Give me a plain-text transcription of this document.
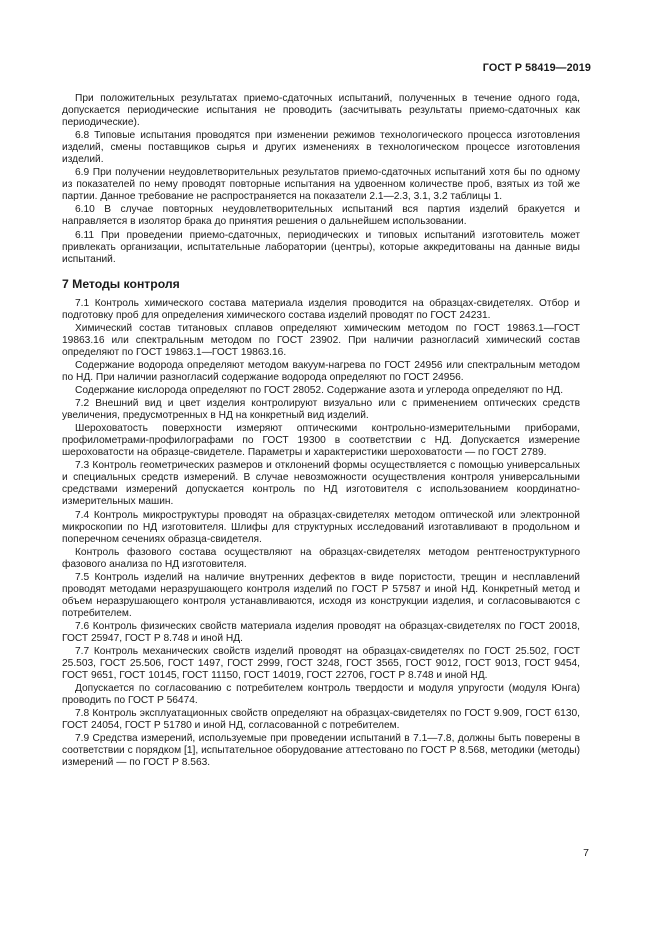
ГОСТ Р 58419—2019

При положительных результатах приемо-сдаточных испытаний, полученных в течение одного года, допускается периодические испытания не проводить (засчитывать результаты приемо-сдаточных как периодические).

6.8 Типовые испытания проводятся при изменении режимов технологического процесса изготовления изделий, смены поставщиков сырья и других изменениях в технологическом процессе изготовления изделий.

6.9 При получении неудовлетворительных результатов приемо-сдаточных испытаний хотя бы по одному из показателей по нему проводят повторные испытания на удвоенном количестве проб, взятых из той же партии. Данное требование не распространяется на показатели 2.1—2.3, 3.1, 3.2 таблицы 1.

6.10 В случае повторных неудовлетворительных испытаний вся партия изделий бракуется и направляется в изолятор брака до принятия решения о дальнейшем использовании.

6.11 При проведении приемо-сдаточных, периодических и типовых испытаний изготовитель может привлекать организации, испытательные лаборатории (центры), которые аккредитованы на данные виды испытаний.

7 Методы контроля

7.1 Контроль химического состава материала изделия проводится на образцах-свидетелях. Отбор и подготовку проб для определения химического состава изделий проводят по ГОСТ 24231.

Химический состав титановых сплавов определяют химическим методом по ГОСТ 19863.1—ГОСТ 19863.16 или спектральным методом по ГОСТ 23902. При наличии разногласий химический состав определяют по ГОСТ 19863.1—ГОСТ 19863.16.

Содержание водорода определяют методом вакуум-нагрева по ГОСТ 24956 или спектральным методом по НД. При наличии разногласий содержание водорода определяют по ГОСТ 24956.

Содержание кислорода определяют по ГОСТ 28052. Содержание азота и углерода определяют по НД.

7.2 Внешний вид и цвет изделия контролируют визуально или с применением оптических средств увеличения, предусмотренных в НД на конкретный вид изделий.

Шероховатость поверхности измеряют оптическими контрольно-измерительными приборами, профилометрами-профилографами по ГОСТ 19300 в соответствии с НД. Допускается измерение шероховатости на образце-свидетеле. Параметры и характеристики шероховатости — по ГОСТ 2789.

7.3 Контроль геометрических размеров и отклонений формы осуществляется с помощью универсальных и специальных средств измерений. В случае невозможности осуществления контроля универсальными средствами измерений допускается контроль по НД изготовителя с использованием координатно-измерительных машин.

7.4 Контроль микроструктуры проводят на образцах-свидетелях методом оптической или электронной микроскопии по НД изготовителя. Шлифы для структурных исследований изготавливают в продольном и поперечном сечениях образца-свидетеля.

Контроль фазового состава осуществляют на образцах-свидетелях методом рентгеноструктурного фазового анализа по НД изготовителя.

7.5 Контроль изделий на наличие внутренних дефектов в виде пористости, трещин и несплавлений проводят методами неразрушающего контроля изделий по ГОСТ Р 57587 и иной НД. Конкретный метод и объем неразрушающего контроля устанавливаются, исходя из конструкции изделия, и согласовываются с потребителем.

7.6 Контроль физических свойств материала изделия проводят на образцах-свидетелях по ГОСТ 20018, ГОСТ 25947, ГОСТ Р 8.748 и иной НД.

7.7 Контроль механических свойств изделий проводят на образцах-свидетелях по ГОСТ 25.502, ГОСТ 25.503, ГОСТ 25.506, ГОСТ 1497, ГОСТ 2999, ГОСТ 3248, ГОСТ 3565, ГОСТ 9012, ГОСТ 9013, ГОСТ 9454, ГОСТ 9651, ГОСТ 10145, ГОСТ 11150, ГОСТ 14019, ГОСТ 22706, ГОСТ Р 8.748 и иной НД.

Допускается по согласованию с потребителем контроль твердости и модуля упругости (модуля Юнга) проводить по ГОСТ Р 56474.

7.8 Контроль эксплуатационных свойств определяют на образцах-свидетелях по ГОСТ 9.909, ГОСТ 6130, ГОСТ 24054, ГОСТ Р 51780 и иной НД, согласованной с потребителем.

7.9 Средства измерений, используемые при проведении испытаний в 7.1—7.8, должны быть поверены в соответствии с порядком [1], испытательное оборудование аттестовано по ГОСТ Р 8.568, методики (методы) измерений — по ГОСТ Р 8.563.

7
